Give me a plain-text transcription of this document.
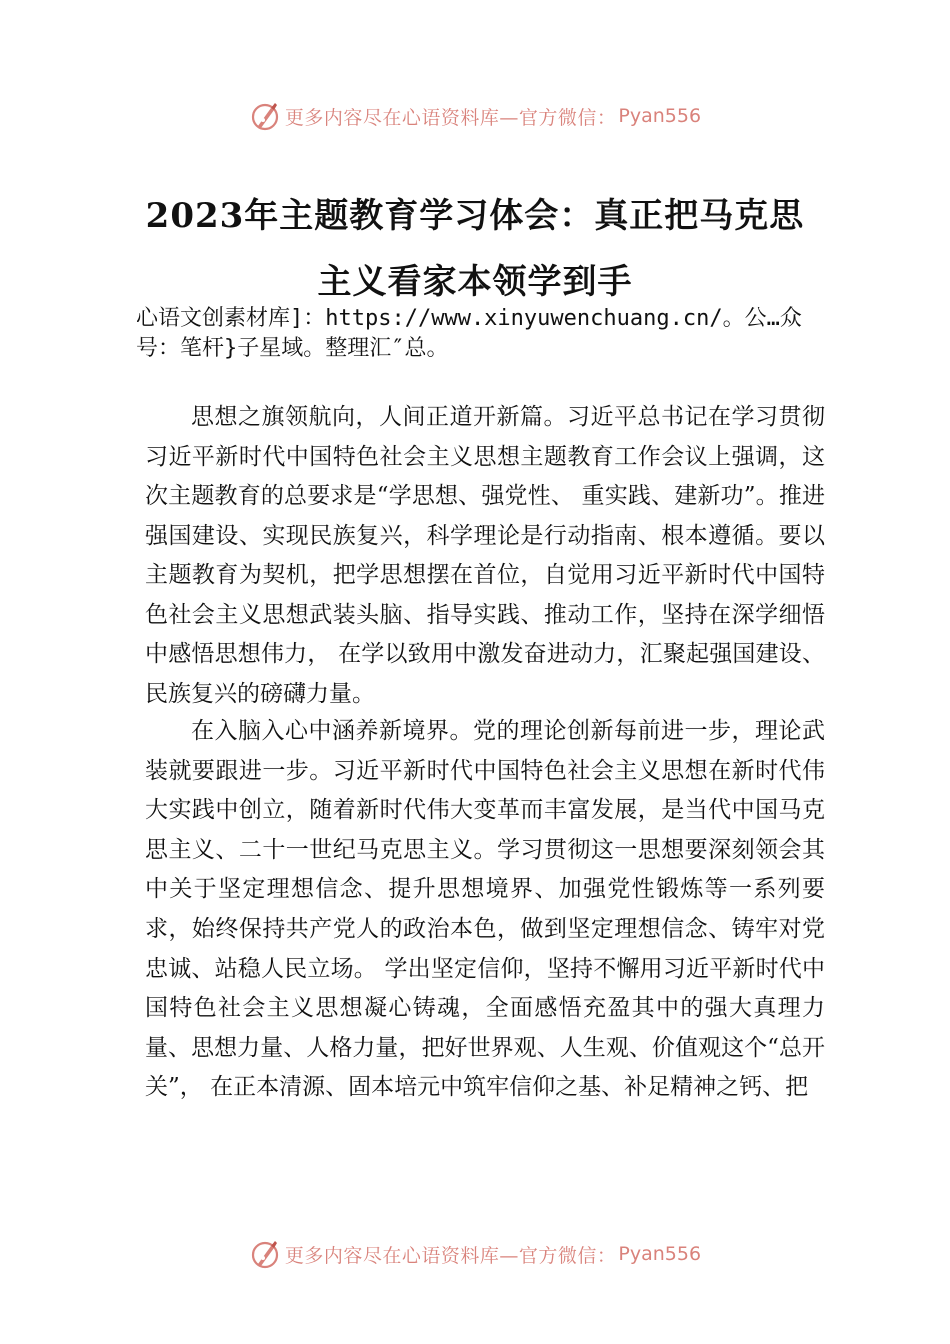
更多内容尽在心语资料库—官方微信： Pyan556
2023年主题教育学习体会：真正把马克思
主义看家本领学到手

心语文创素材库]：https://www.xinyuwenchuang.cn/。公…众号：笔杆}子星域。整理汇″总。

思想之旗领航向，人间正道开新篇。习近平总书记在学习贯彻习近平新时代中国特色社会主义思想主题教育工作会议上强调，这次主题教育的总要求是“学思想、强党性、 重实践、建新功”。推进强国建设、实现民族复兴，科学理论是行动指南、根本遵循。要以主题教育为契机，把学思想摆在首位，自觉用习近平新时代中国特色社会主义思想武装头脑、指导实践、推动工作，坚持在深学细悟中感悟思想伟力， 在学以致用中激发奋进动力，汇聚起强国建设、民族复兴的磅礴力量。

在入脑入心中涵养新境界。党的理论创新每前进一步，理论武装就要跟进一步。习近平新时代中国特色社会主义思想在新时代伟大实践中创立，随着新时代伟大变革而丰富发展，是当代中国马克思主义、二十一世纪马克思主义。学习贯彻这一思想要深刻领会其中关于坚定理想信念、提升思想境界、加强党性锻炼等一系列要求，始终保持共产党人的政治本色，做到坚定理想信念、铸牢对党忠诚、站稳人民立场。 学出坚定信仰，坚持不懈用习近平新时代中国特色社会主义思想凝心铸魂，全面感悟充盈其中的强大真理力量、思想力量、人格力量，把好世界观、人生观、价值观这个“总开关”， 在正本清源、固本培元中筑牢信仰之基、补足精神之钙、把

更多内容尽在心语资料库—官方微信： Pyan556
